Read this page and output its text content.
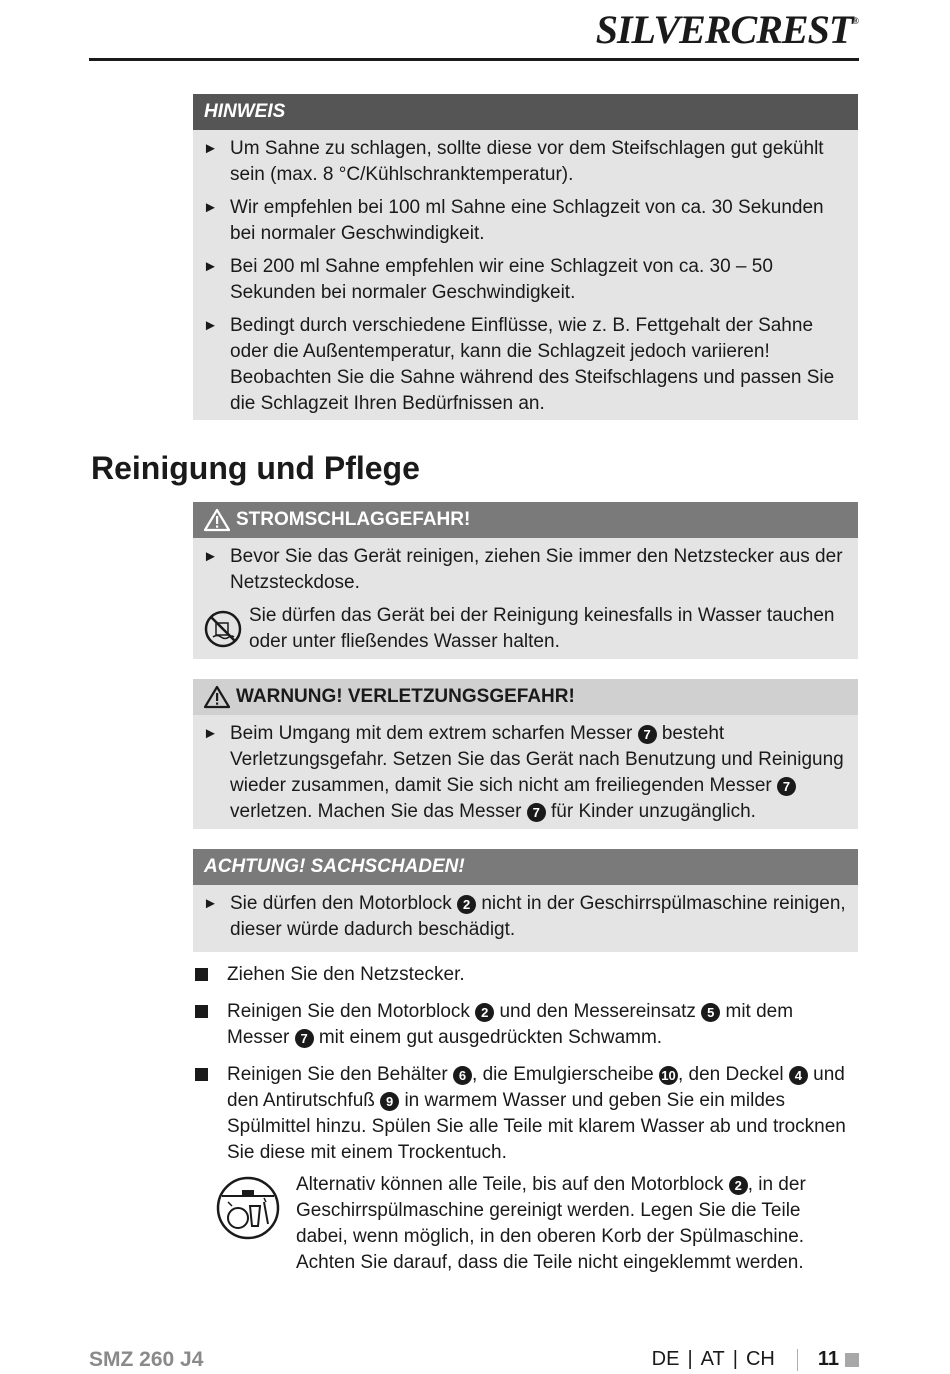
SILVERCREST®
HINWEIS
► Um Sahne zu schlagen, sollte diese vor dem Steifschlagen gut gekühlt sein (max. 8 °C/Kühlschranktemperatur).
► Wir empfehlen bei 100 ml Sahne eine Schlagzeit von ca. 30 Sekunden bei normaler Geschwindigkeit.
► Bei 200 ml Sahne empfehlen wir eine Schlagzeit von ca. 30 – 50 Sekunden bei normaler Geschwindigkeit.
► Bedingt durch verschiedene Einflüsse, wie z. B. Fettgehalt der Sahne oder die Außentemperatur, kann die Schlagzeit jedoch variieren! Beobachten Sie die Sahne während des Steifschlagens und passen Sie die Schlagzeit Ihren Bedürfnissen an.
Reinigung und Pflege
STROMSCHLAGGEFAHR!
► Bevor Sie das Gerät reinigen, ziehen Sie immer den Netzstecker aus der Netzsteckdose.
Sie dürfen das Gerät bei der Reinigung keinesfalls in Wasser tauchen oder unter fließendes Wasser halten.
WARNUNG! VERLETZUNGSGEFAHR!
► Beim Umgang mit dem extrem scharfen Messer 7 besteht Verletzungsgefahr. Setzen Sie das Gerät nach Benutzung und Reinigung wieder zusammen, damit Sie sich nicht am freiliegenden Messer 7 verletzen. Machen Sie das Messer 7 für Kinder unzugänglich.
ACHTUNG! SACHSCHADEN!
► Sie dürfen den Motorblock 2 nicht in der Geschirrspülmaschine reinigen, dieser würde dadurch beschädigt.
Ziehen Sie den Netzstecker.
Reinigen Sie den Motorblock 2 und den Messereinsatz 5 mit dem Messer 7 mit einem gut ausgedrückten Schwamm.
Reinigen Sie den Behälter 6 , die Emulgierscheibe 10 , den Deckel 4 und den Antirutschfuß 9 in warmem Wasser und geben Sie ein mildes Spülmittel hinzu. Spülen Sie alle Teile mit klarem Wasser ab und trocknen Sie diese mit einem Trockentuch.

Alternativ können alle Teile, bis auf den Motorblock 2 , in der Geschirrspülmaschine gereinigt werden. Legen Sie die Teile dabei, wenn möglich, in den oberen Korb der Spülmaschine. Achten Sie darauf, dass die Teile nicht eingeklemmt werden.

SMZ 260 J4	DE | AT | CH 11
